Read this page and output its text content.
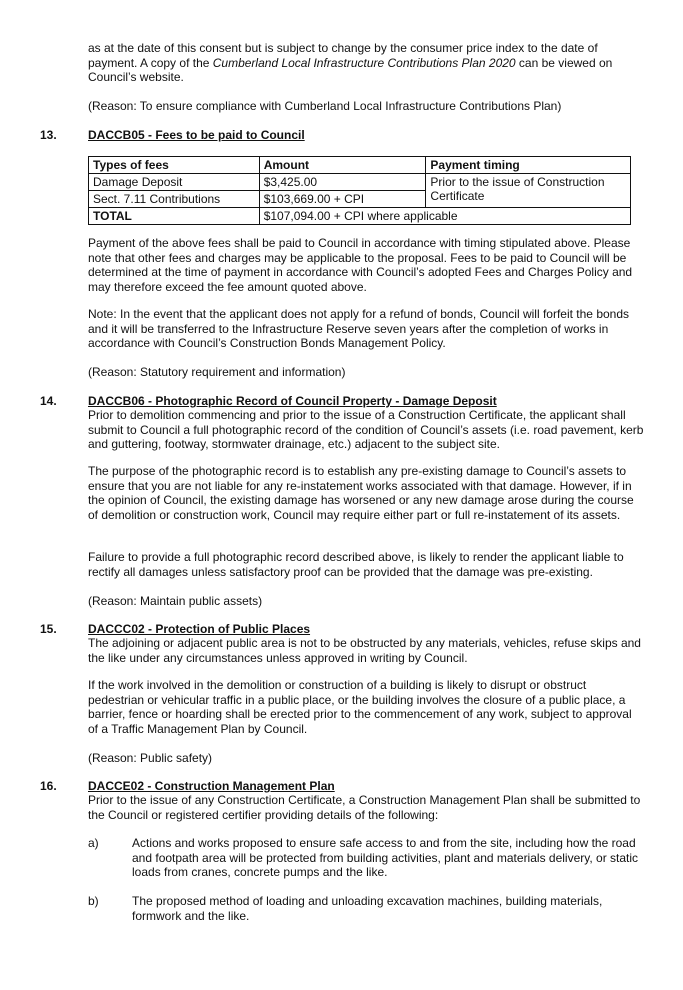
as at the date of this consent but is subject to change by the consumer price index to the date of payment. A copy of the Cumberland Local Infrastructure Contributions Plan 2020 can be viewed on Council’s website.

(Reason: To ensure compliance with Cumberland Local Infrastructure Contributions Plan)

13.	DACCB05 - Fees to be paid to Council
Types of fees	Amount	Payment timing
Damage Deposit	$3,425.00	Prior to the issue of Construction Certificate
Sect. 7.11 Contributions	$103,669.00 + CPI	
TOTAL	$107,094.00 + CPI where applicable	

Payment of the above fees shall be paid to Council in accordance with timing stipulated above. Please note that other fees and charges may be applicable to the proposal. Fees to be paid to Council will be determined at the time of payment in accordance with Council’s adopted Fees and Charges Policy and may therefore exceed the fee amount quoted above.

Note: In the event that the applicant does not apply for a refund of bonds, Council will forfeit the bonds and it will be transferred to the Infrastructure Reserve seven years after the completion of works in accordance with Council’s Construction Bonds Management Policy.

(Reason: Statutory requirement and information)

14.	DACCB06 - Photographic Record of Council Property - Damage Deposit

Prior to demolition commencing and prior to the issue of a Construction Certificate, the applicant shall submit to Council a full photographic record of the condition of Council’s assets (i.e. road pavement, kerb and guttering, footway, stormwater drainage, etc.) adjacent to the subject site.

The purpose of the photographic record is to establish any pre-existing damage to Council’s assets to ensure that you are not liable for any re-instatement works associated with that damage. However, if in the opinion of Council, the existing damage has worsened or any new damage arose during the course of demolition or construction work, Council may require either part or full re-instatement of its assets.

Failure to provide a full photographic record described above, is likely to render the applicant liable to rectify all damages unless satisfactory proof can be provided that the damage was pre-existing.

(Reason: Maintain public assets)

15.	DACCC02 - Protection of Public Places

The adjoining or adjacent public area is not to be obstructed by any materials, vehicles, refuse skips and the like under any circumstances unless approved in writing by Council.

If the work involved in the demolition or construction of a building is likely to disrupt or obstruct pedestrian or vehicular traffic in a public place, or the building involves the closure of a public place, a barrier, fence or hoarding shall be erected prior to the commencement of any work, subject to approval of a Traffic Management Plan by Council.

(Reason: Public safety)

16.	DACCE02 - Construction Management Plan

Prior to the issue of any Construction Certificate, a Construction Management Plan shall be submitted to the Council or registered certifier providing details of the following:

a)	Actions and works proposed to ensure safe access to and from the site, including how the road and footpath area will be protected from building activities, plant and materials delivery, or static loads from cranes, concrete pumps and the like.

b)	The proposed method of loading and unloading excavation machines, building materials, formwork and the like.
